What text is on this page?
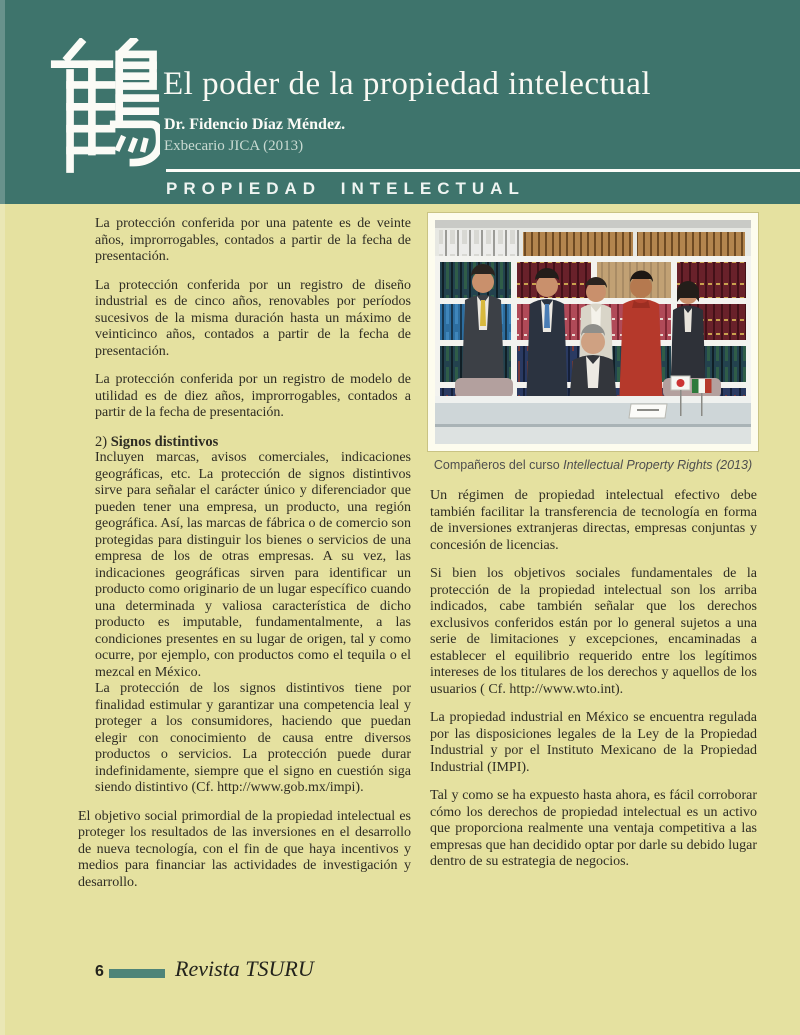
El poder de la propiedad intelectual
Dr. Fidencio Díaz Méndez.
Exbecario JICA (2013)
PROPIEDAD INTELECTUAL

La protección conferida por una patente es de veinte años, improrrogables, contados a partir de la fecha de presentación.

La protección conferida por un registro de diseño industrial es de cinco años, renovables por períodos sucesivos de la misma duración hasta un máximo de veinticinco años, contados a partir de la fecha de presentación.

La protección conferida por un registro de modelo de utilidad es de diez años, improrrogables, contados a partir de la fecha de presentación.

2) Signos distintivos

Incluyen marcas, avisos comerciales, indicaciones geográficas, etc. La protección de signos distintivos sirve para señalar el carácter único y diferenciador que pueden tener una empresa, un producto, una región geográfica. Así, las marcas de fábrica o de comercio son protegidas para distinguir los bienes o servicios de una empresa de los de otras empresas. A su vez, las indicaciones geográficas sirven para identificar un producto como originario de un lugar específico cuando una determinada y valiosa característica de dicho producto es imputable, fundamentalmente, a las condiciones presentes en su lugar de origen, tal y como ocurre, por ejemplo, con productos como el tequila o el mezcal en México.

La protección de los signos distintivos tiene por finalidad estimular y garantizar una competencia leal y proteger a los consumidores, haciendo que puedan elegir con conocimiento de causa entre diversos productos o servicios. La protección puede durar indefinidamente, siempre que el signo en cuestión siga siendo distintivo (Cf. http://www.gob.mx/impi).

El objetivo social primordial de la propiedad intelectual es proteger los resultados de las inversiones en el desarrollo de nueva tecnología, con el fin de que haya incentivos y medios para financiar las actividades de investigación y desarrollo.

Compañeros del curso Intellectual Property Rights (2013)

Un régimen de propiedad intelectual efectivo debe también facilitar la transferencia de tecnología en forma de inversiones extranjeras directas, empresas conjuntas y concesión de licencias.

Si bien los objetivos sociales fundamentales de la protección de la propiedad intelectual son los arriba indicados, cabe también señalar que los derechos exclusivos conferidos están por lo general sujetos a una serie de limitaciones y excepciones, encaminadas a establecer el equilibrio requerido entre los legítimos intereses de los titulares de los derechos y aquellos de los usuarios ( Cf. http://www.wto.int).

La propiedad industrial en México se encuentra regulada por las disposiciones legales de la Ley de la Propiedad Industrial y por el Instituto Mexicano de la Propiedad Industrial (IMPI).

Tal y como se ha expuesto hasta ahora, es fácil corroborar cómo los derechos de propiedad intelectual es un activo que proporciona realmente una ventaja competitiva a las empresas que han decidido optar por darle su debido lugar dentro de su estrategia de negocios.

6	Revista TSURU
